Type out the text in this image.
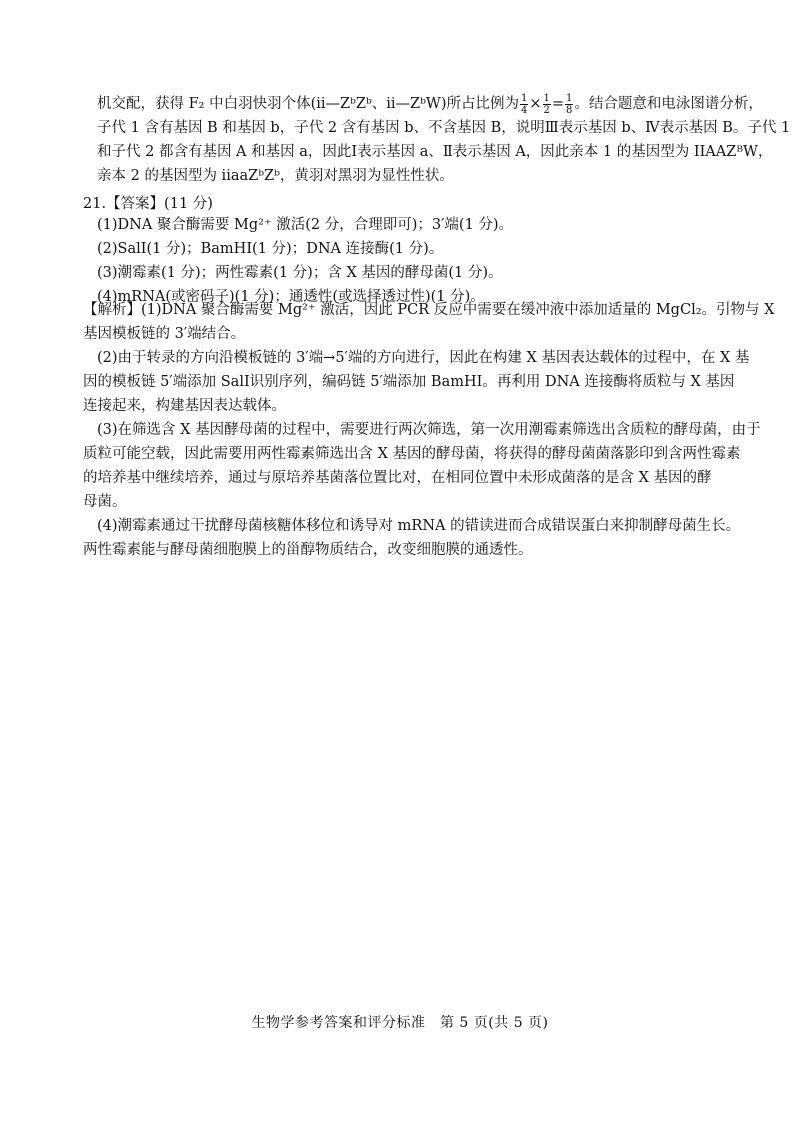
机交配，获得 F₂ 中白羽快羽个体(ii—ZᵇZᵇ、ii—ZᵇW)所占比例为 $\frac{1}{4} \times \frac{1}{2} = \frac{1}{8}$ 。结合题意和电泳图谱分析，
子代 1 含有基因 B 和基因 b，子代 2 含有基因 b、不含基因 B，说明Ⅲ表示基因 b、Ⅳ表示基因 B。子代 1
和子代 2 都含有基因 A 和基因 a，因此Ⅰ表示基因 a、Ⅱ表示基因 A，因此亲本 1 的基因型为 IIAAZᴮW，
亲本 2 的基因型为 iiaaZᵇZᵇ，黄羽对黑羽为显性性状。
21.【答案】(11 分)
(1)DNA 聚合酶需要 Mg²⁺ 激活(2 分，合理即可)；3′端(1 分)。
(2)SalⅠ(1 分)；BamHⅠ(1 分)；DNA 连接酶(1 分)。
(3)潮霉素(1 分)；两性霉素(1 分)；含 X 基因的酵母菌(1 分)。
(4)mRNA(或密码子)(1 分)；通透性(或选择透过性)(1 分)。
【解析】(1)DNA 聚合酶需要 Mg²⁺ 激活，因此 PCR 反应中需要在缓冲液中添加适量的 MgCl₂。引物与 X
基因模板链的 3′端结合。
(2)由于转录的方向沿模板链的 3′端→5′端的方向进行，因此在构建 X 基因表达载体的过程中，在 X 基
因的模板链 5′端添加 SalⅠ识别序列，编码链 5′端添加 BamHⅠ。再利用 DNA 连接酶将质粒与 X 基因
连接起来，构建基因表达载体。
(3)在筛选含 X 基因酵母菌的过程中，需要进行两次筛选，第一次用潮霉素筛选出含质粒的酵母菌，由于
质粒可能空载，因此需要用两性霉素筛选出含 X 基因的酵母菌，将获得的酵母菌菌落影印到含两性霉素
的培养基中继续培养，通过与原培养基菌落位置比对，在相同位置中未形成菌落的是含 X 基因的酵
母菌。
(4)潮霉素通过干扰酵母菌核糖体移位和诱导对 mRNA 的错读进而合成错误蛋白来抑制酵母菌生长。
两性霉素能与酵母菌细胞膜上的甾醇物质结合，改变细胞膜的通透性。
生物学参考答案和评分标准　第 5 页(共 5 页)
